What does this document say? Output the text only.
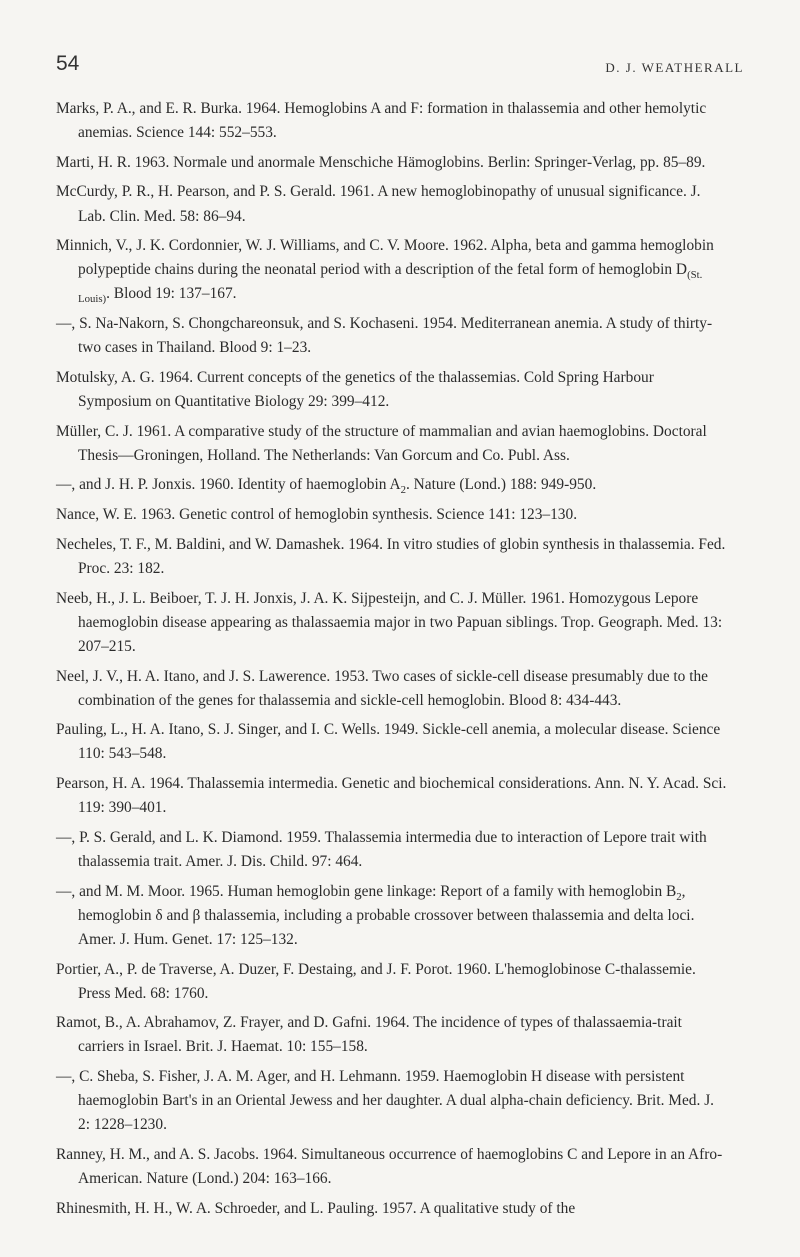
54	D. J. WEATHERALL
Marks, P. A., and E. R. Burka. 1964. Hemoglobins A and F: formation in thalassemia and other hemolytic anemias. Science 144: 552–553.
Marti, H. R. 1963. Normale und anormale Menschiche Hämoglobins. Berlin: Springer-Verlag, pp. 85–89.
McCurdy, P. R., H. Pearson, and P. S. Gerald. 1961. A new hemoglobinopathy of unusual significance. J. Lab. Clin. Med. 58: 86–94.
Minnich, V., J. K. Cordonnier, W. J. Williams, and C. V. Moore. 1962. Alpha, beta and gamma hemoglobin polypeptide chains during the neonatal period with a description of the fetal form of hemoglobin $D_{(St. Louis)}$. Blood 19: 137–167.
—, S. Na-Nakorn, S. Chongchareonsuk, and S. Kochaseni. 1954. Mediterranean anemia. A study of thirty-two cases in Thailand. Blood 9: 1–23.
Motulsky, A. G. 1964. Current concepts of the genetics of the thalassemias. Cold Spring Harbour Symposium on Quantitative Biology 29: 399–412.
Müller, C. J. 1961. A comparative study of the structure of mammalian and avian haemoglobins. Doctoral Thesis—Groningen, Holland. The Netherlands: Van Gorcum and Co. Publ. Ass.
—, and J. H. P. Jonxis. 1960. Identity of haemoglobin $A_2$. Nature (Lond.) 188: 949-950.
Nance, W. E. 1963. Genetic control of hemoglobin synthesis. Science 141: 123–130.
Necheles, T. F., M. Baldini, and W. Damashek. 1964. In vitro studies of globin synthesis in thalassemia. Fed. Proc. 23: 182.
Neeb, H., J. L. Beiboer, T. J. H. Jonxis, J. A. K. Sijpesteijn, and C. J. Müller. 1961. Homozygous Lepore haemoglobin disease appearing as thalassaemia major in two Papuan siblings. Trop. Geograph. Med. 13: 207–215.
Neel, J. V., H. A. Itano, and J. S. Lawerence. 1953. Two cases of sickle-cell disease presumably due to the combination of the genes for thalassemia and sickle-cell hemoglobin. Blood 8: 434-443.
Pauling, L., H. A. Itano, S. J. Singer, and I. C. Wells. 1949. Sickle-cell anemia, a molecular disease. Science 110: 543–548.
Pearson, H. A. 1964. Thalassemia intermedia. Genetic and biochemical considerations. Ann. N. Y. Acad. Sci. 119: 390–401.
—, P. S. Gerald, and L. K. Diamond. 1959. Thalassemia intermedia due to interaction of Lepore trait with thalassemia trait. Amer. J. Dis. Child. 97: 464.
—, and M. M. Moor. 1965. Human hemoglobin gene linkage: Report of a family with hemoglobin $B_2$, hemoglobin δ and β thalassemia, including a probable crossover between thalassemia and delta loci. Amer. J. Hum. Genet. 17: 125–132.
Portier, A., P. de Traverse, A. Duzer, F. Destaing, and J. F. Porot. 1960. L'hemoglobinose C-thalassemie. Press Med. 68: 1760.
Ramot, B., A. Abrahamov, Z. Frayer, and D. Gafni. 1964. The incidence of types of thalassaemia-trait carriers in Israel. Brit. J. Haemat. 10: 155–158.
—, C. Sheba, S. Fisher, J. A. M. Ager, and H. Lehmann. 1959. Haemoglobin H disease with persistent haemoglobin Bart's in an Oriental Jewess and her daughter. A dual alpha-chain deficiency. Brit. Med. J. 2: 1228–1230.
Ranney, H. M., and A. S. Jacobs. 1964. Simultaneous occurrence of haemoglobins C and Lepore in an Afro-American. Nature (Lond.) 204: 163–166.
Rhinesmith, H. H., W. A. Schroeder, and L. Pauling. 1957. A qualitative study of the
